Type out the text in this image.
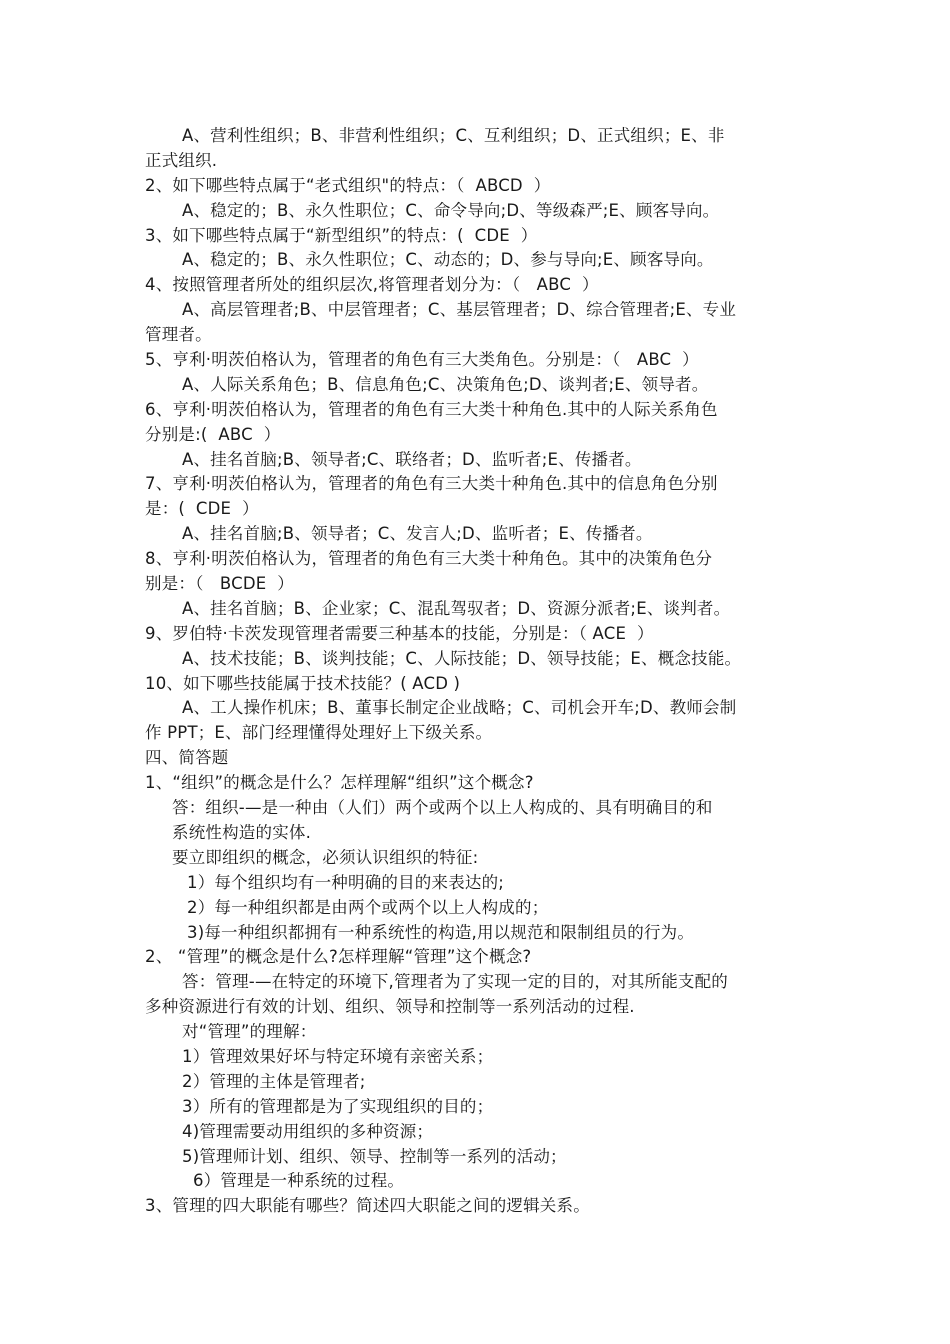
A、营利性组织；B、非营利性组织；C、互利组织；D、正式组织；E、非
正式组织.
2、如下哪些特点属于“老式组织"的特点：（  ABCD  ）
A、稳定的；B、永久性职位；C、命令导向;D、等级森严;E、顾客导向。
3、如下哪些特点属于“新型组织”的特点：(  CDE  ）
A、稳定的；B、永久性职位；C、动态的；D、参与导向;E、顾客导向。
4、按照管理者所处的组织层次,将管理者划分为：（   ABC  ）
A、高层管理者;B、中层管理者；C、基层管理者；D、综合管理者;E、专业
管理者。
5、亨利·明茨伯格认为，管理者的角色有三大类角色。分别是：（   ABC  ）
A、人际关系角色；B、信息角色;C、决策角色;D、谈判者;E、领导者。
6、亨利·明茨伯格认为，管理者的角色有三大类十种角色.其中的人际关系角色
分别是:(  ABC  ）
A、挂名首脑;B、领导者;C、联络者；D、监听者;E、传播者。
7、亨利·明茨伯格认为，管理者的角色有三大类十种角色.其中的信息角色分别
是：(  CDE  ）
A、挂名首脑;B、领导者；C、发言人;D、监听者；E、传播者。
8、亨利·明茨伯格认为，管理者的角色有三大类十种角色。其中的决策角色分
别是：（   BCDE  ）
A、挂名首脑；B、企业家；C、混乱驾驭者；D、资源分派者;E、谈判者。
9、罗伯特·卡茨发现管理者需要三种基本的技能，分别是：（ ACE  ）
A、技术技能；B、谈判技能；C、人际技能；D、领导技能；E、概念技能。
10、如下哪些技能属于技术技能？( ACD )
A、工人操作机床；B、董事长制定企业战略；C、司机会开车;D、教师会制
作 PPT；E、部门经理懂得处理好上下级关系。
四、简答题
1、“组织”的概念是什么？怎样理解“组织”这个概念?
答：组织-—是一种由（人们）两个或两个以上人构成的、具有明确目的和
系统性构造的实体.
要立即组织的概念，必须认识组织的特征:
1）每个组织均有一种明确的目的来表达的;
2）每一种组织都是由两个或两个以上人构成的；
3)每一种组织都拥有一种系统性的构造,用以规范和限制组员的行为。
2、 “管理”的概念是什么?怎样理解“管理”这个概念?
答：管理-—在特定的环境下,管理者为了实现一定的目的，对其所能支配的
多种资源进行有效的计划、组织、领导和控制等一系列活动的过程.
对“管理”的理解：
1）管理效果好坏与特定环境有亲密关系；
2）管理的主体是管理者;
3）所有的管理都是为了实现组织的目的；
4)管理需要动用组织的多种资源；
5)管理师计划、组织、领导、控制等一系列的活动；
6）管理是一种系统的过程。
3、管理的四大职能有哪些？简述四大职能之间的逻辑关系。
